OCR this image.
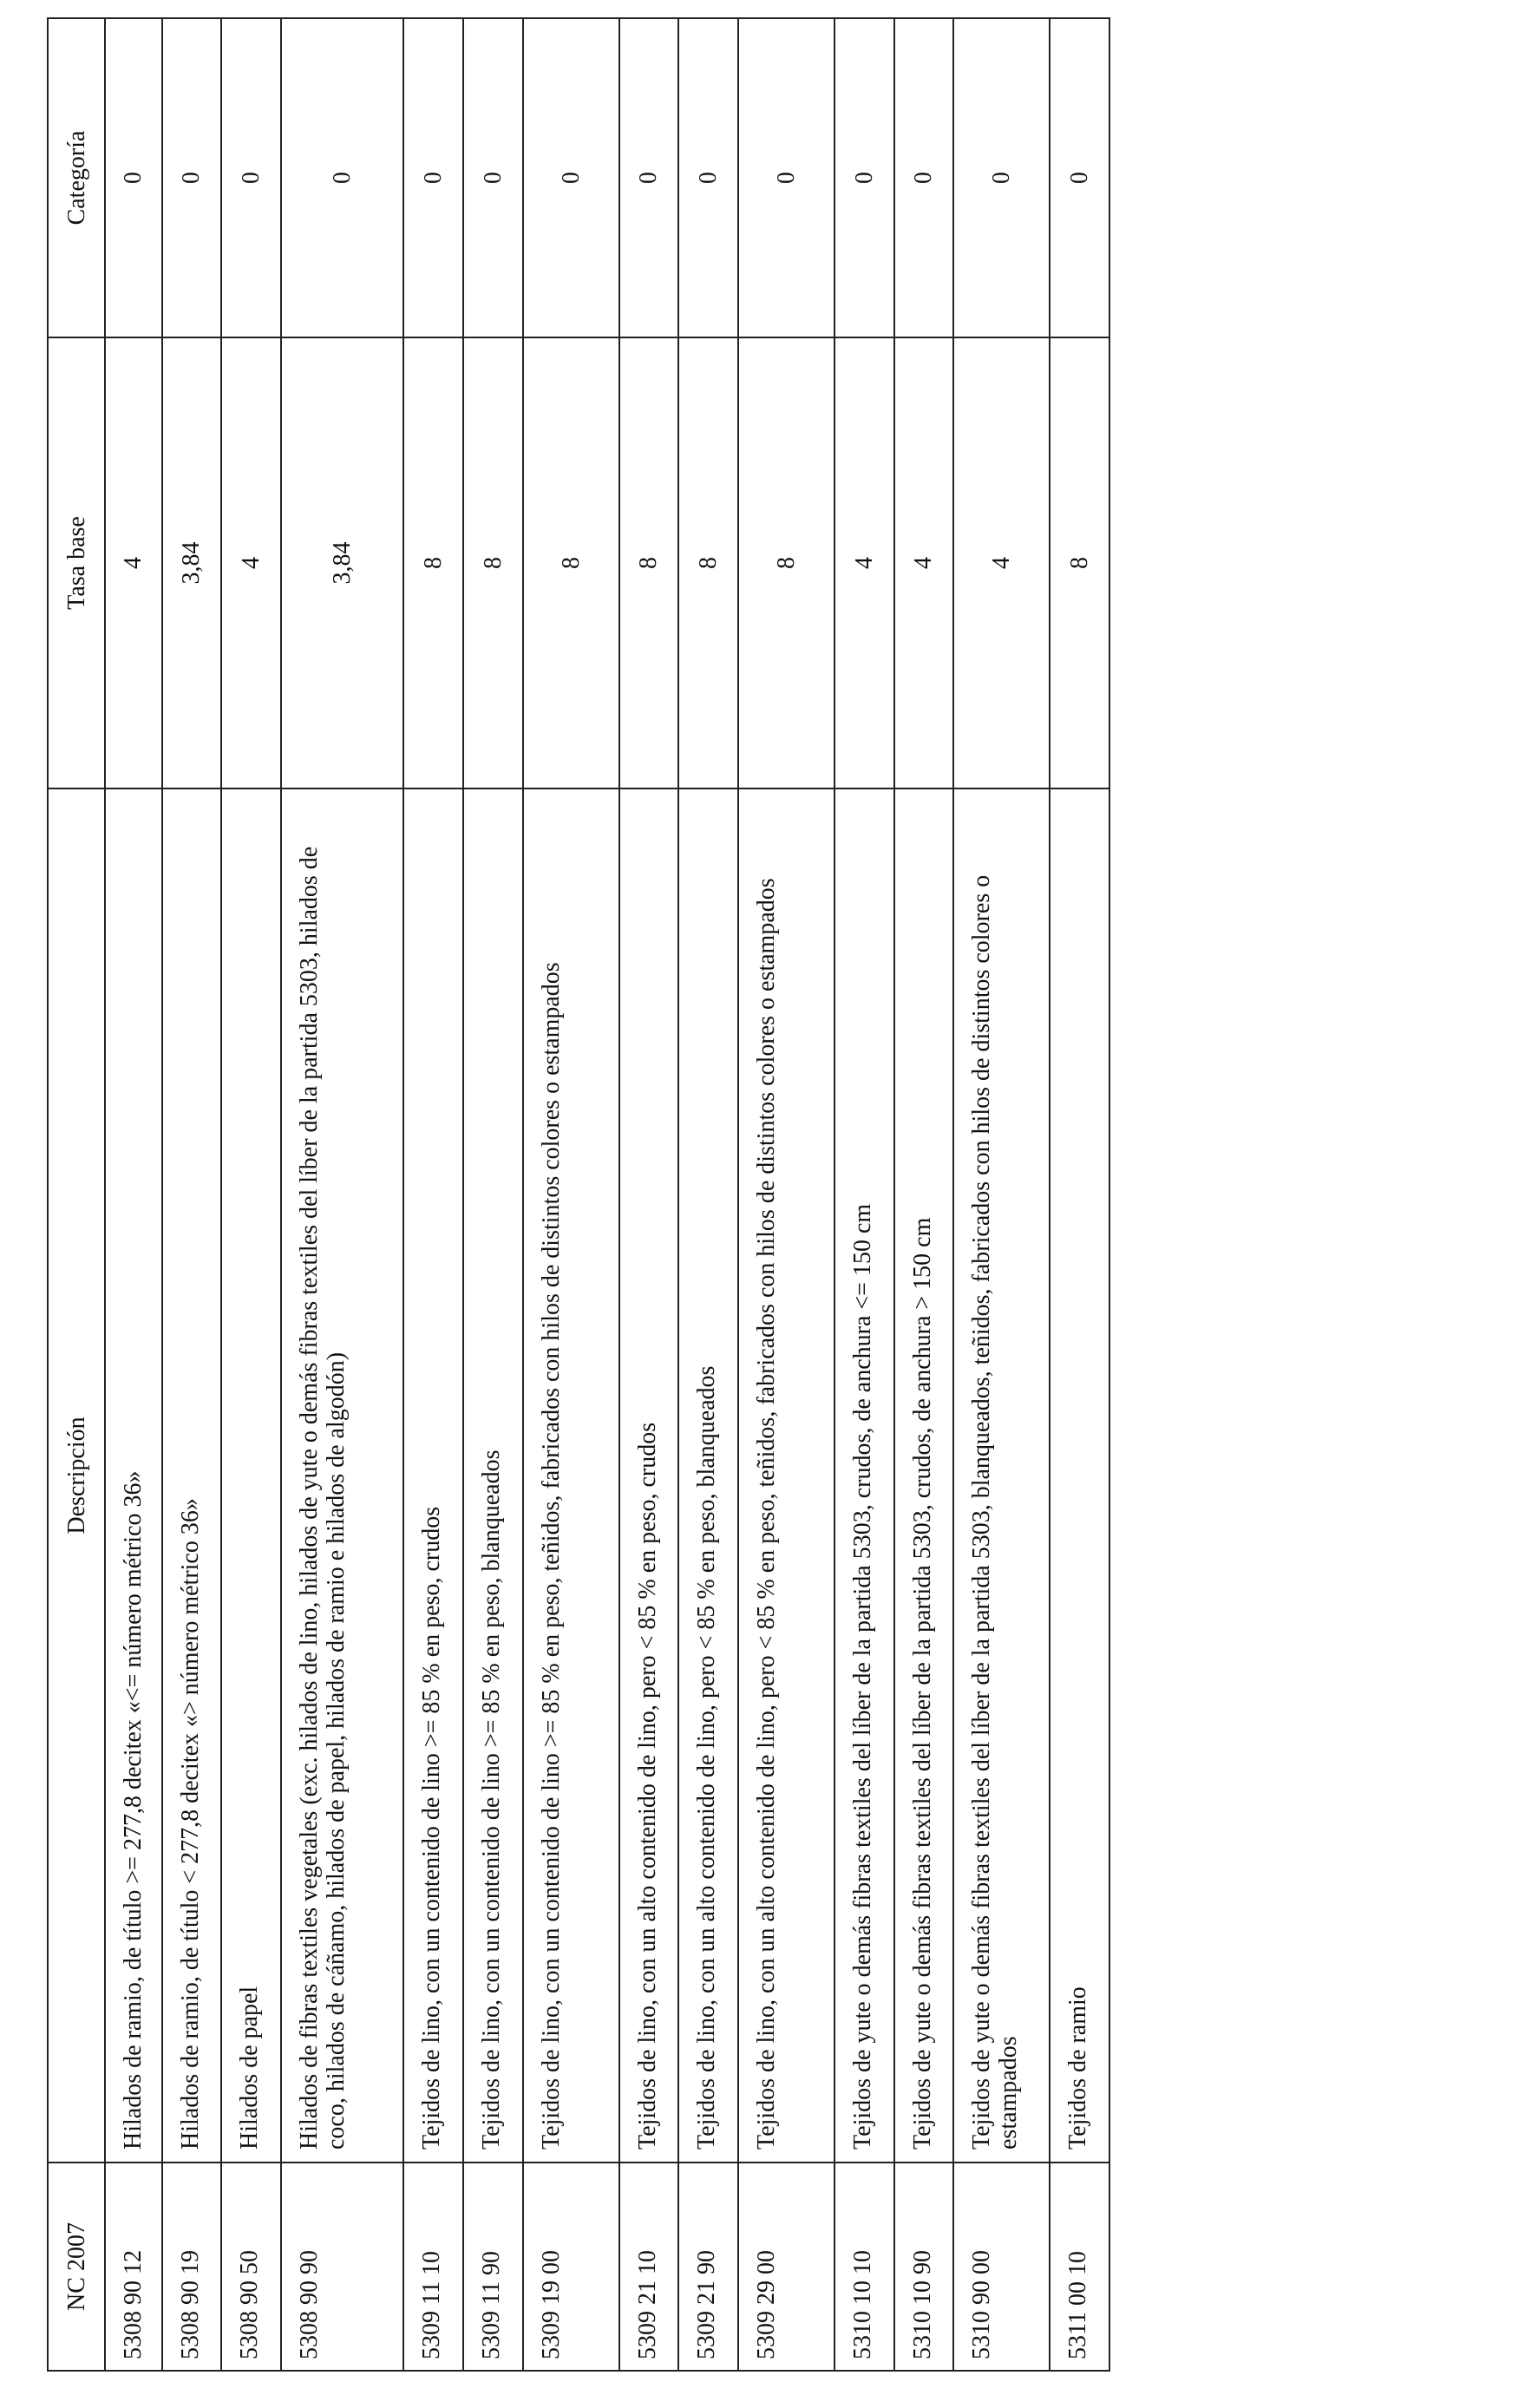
NC 2007	Descripción	Tasa base	Categoría
5308 90 12	Hilados de ramio, de título >= 277,8 decitex «<= número métrico 36»	4	0
5308 90 19	Hilados de ramio, de título < 277,8 decitex «> número métrico 36»	3,84	0
5308 90 50	Hilados de papel	4	0
5308 90 90	Hilados de fibras textiles vegetales (exc. hilados de lino, hilados de yute o demás fibras textiles del líber de la partida 5303, hilados de coco, hilados de cáñamo, hilados de papel, hilados de ramio e hilados de algodón)	3,84	0
5309 11 10	Tejidos de lino, con un contenido de lino >= 85 % en peso, crudos	8	0
5309 11 90	Tejidos de lino, con un contenido de lino >= 85 % en peso, blanqueados	8	0
5309 19 00	Tejidos de lino, con un contenido de lino >= 85 % en peso, teñidos, fabricados con hilos de distintos colores o estampados	8	0
5309 21 10	Tejidos de lino, con un alto contenido de lino, pero < 85 % en peso, crudos	8	0
5309 21 90	Tejidos de lino, con un alto contenido de lino, pero < 85 % en peso, blanqueados	8	0
5309 29 00	Tejidos de lino, con un alto contenido de lino, pero < 85 % en peso, teñidos, fabricados con hilos de distintos colores o estampados	8	0
5310 10 10	Tejidos de yute o demás fibras textiles del líber de la partida 5303, crudos, de anchura <= 150 cm	4	0
5310 10 90	Tejidos de yute o demás fibras textiles del líber de la partida 5303, crudos, de anchura > 150 cm	4	0
5310 90 00	Tejidos de yute o demás fibras textiles del líber de la partida 5303, blanqueados, teñidos, fabricados con hilos de distintos colores o estampados	4	0
5311 00 10	Tejidos de ramio	8	0
